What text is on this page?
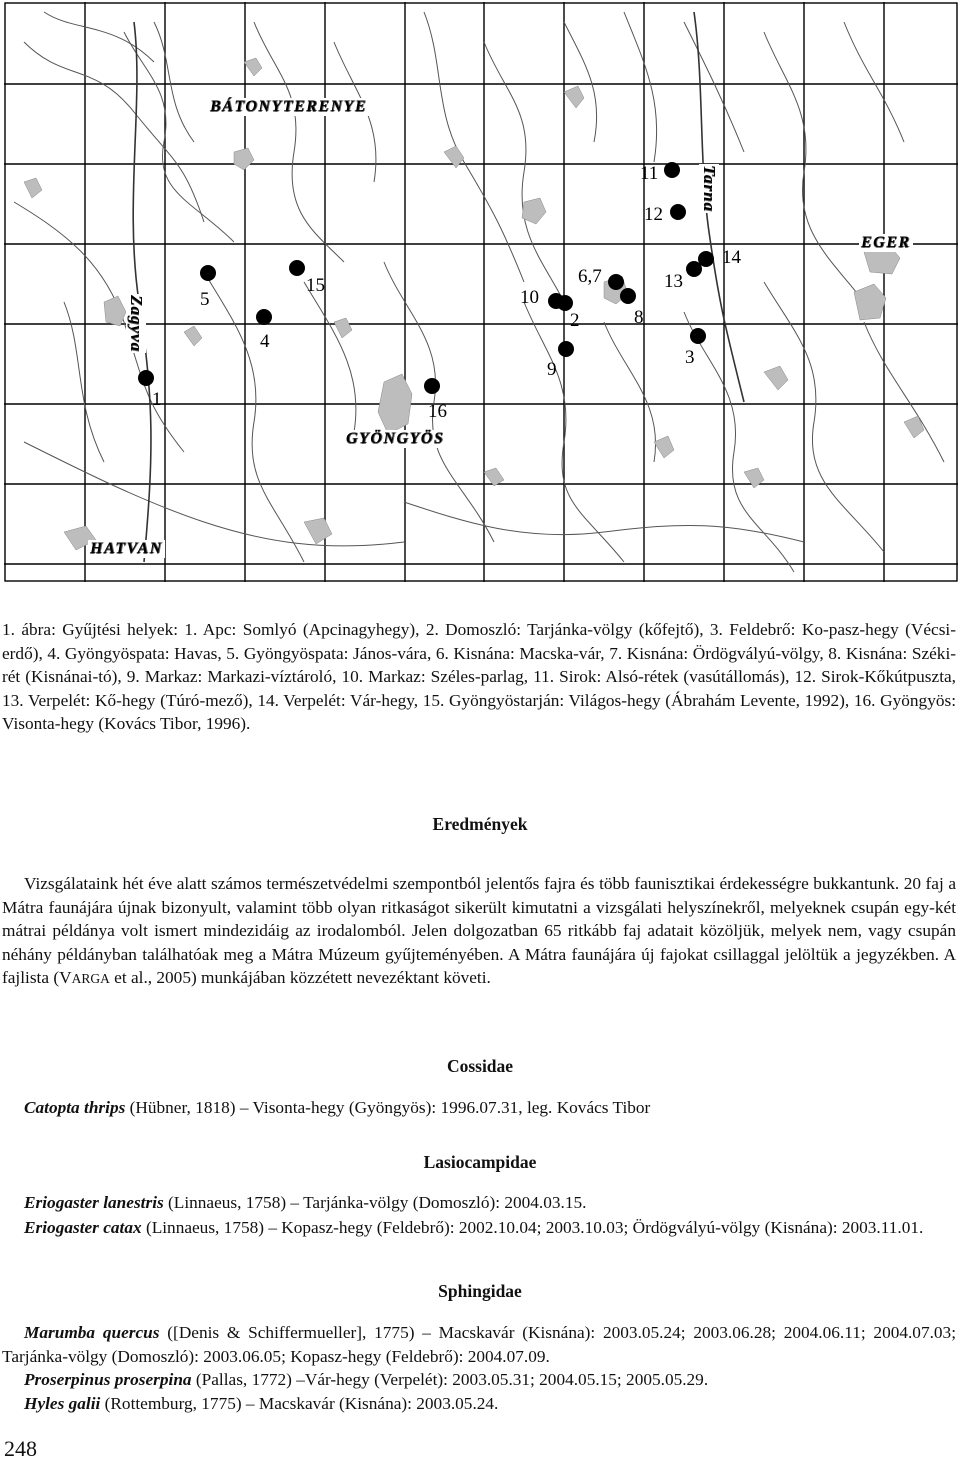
BÁTONYTERENYE
EGER
GYÖNGYÖS
HATVAN
Zagyva
Tarna
1
2
3
4
5
6,7
8
9
10
11
12
13
14
15
16
1. ábra: Gyűjtési helyek: 1. Apc: Somlyó (Apcinagyhegy), 2. Domoszló: Tarjánka-völgy (kőfejtő), 3. Feldebrő: Ko-pasz-hegy (Vécsi-erdő), 4. Gyöngyöspata: Havas, 5. Gyöngyöspata: János-vára, 6. Kisnána: Macska-vár, 7. Kisnána: Ördögvályú-völgy, 8. Kisnána: Széki-rét (Kisnánai-tó), 9. Markaz: Markazi-víztároló, 10. Markaz: Széles-parlag, 11. Sirok: Alsó-rétek (vasútállomás), 12. Sirok-Kőkútpuszta, 13. Verpelét: Kő-hegy (Túró-mező), 14. Verpelét: Vár-hegy, 15. Gyöngyöstarján: Világos-hegy (Ábrahám Levente, 1992), 16. Gyöngyös: Visonta-hegy (Kovács Tibor, 1996).
Eredmények
Vizsgálataink hét éve alatt számos természetvédelmi szempontból jelentős fajra és több faunisztikai érdekességre bukkantunk. 20 faj a Mátra faunájára újnak bizonyult, valamint több olyan ritkaságot sikerült kimutatni a vizsgálati helyszínekről, melyeknek csupán egy-két mátrai példánya volt ismert mindezidáig az irodalomból. Jelen dolgozatban 65 ritkább faj adatait közöljük, melyek nem, vagy csupán néhány példányban találhatóak meg a Mátra Múzeum gyűjteményében. A Mátra faunájára új fajokat csillaggal jelöltük a jegyzékben. A fajlista (VARGA et al., 2005) munkájában közzétett nevezéktant követi.
Cossidae
Catopta thrips (Hübner, 1818) – Visonta-hegy (Gyöngyös): 1996.07.31, leg. Kovács Tibor
Lasiocampidae
Eriogaster lanestris (Linnaeus, 1758) – Tarjánka-völgy (Domoszló): 2004.03.15.
Eriogaster catax (Linnaeus, 1758) – Kopasz-hegy (Feldebrő): 2002.10.04; 2003.10.03; Ördögvályú-völgy (Kisnána): 2003.11.01.
Sphingidae
Marumba quercus ([Denis & Schiffermueller], 1775) – Macskavár (Kisnána): 2003.05.24; 2003.06.28; 2004.06.11; 2004.07.03; Tarjánka-völgy (Domoszló): 2003.06.05; Kopasz-hegy (Feldebrő): 2004.07.09.
Proserpinus proserpina (Pallas, 1772) –Vár-hegy (Verpelét): 2003.05.31; 2004.05.15; 2005.05.29.
Hyles galii (Rottemburg, 1775) – Macskavár (Kisnána): 2003.05.24.
248
